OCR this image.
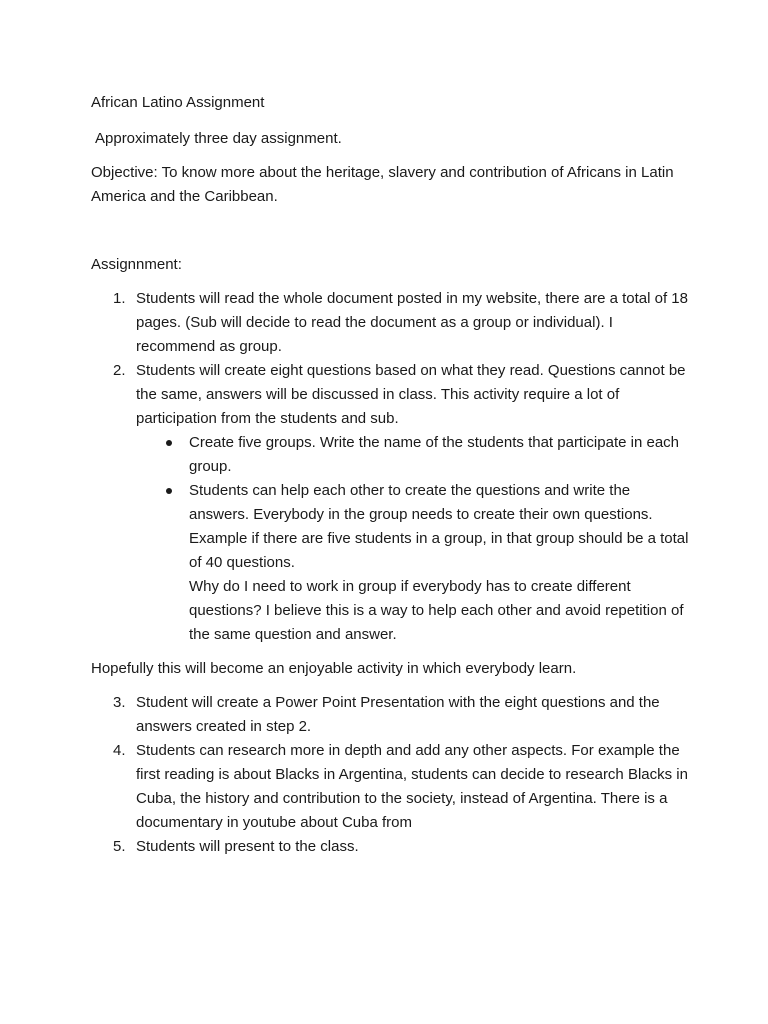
African Latino Assignment

Approximately three day assignment.

Objective: To know more about the heritage, slavery and contribution of Africans in Latin America and the Caribbean.

Assignnment:

1. Students will read the whole document posted in my website, there are a total of 18 pages. (Sub will decide to read the document as a group or individual). I recommend as group.
2. Students will create eight questions based on what they read. Questions cannot be the same, answers will be discussed in class. This activity require a lot of participation from the students and sub.
Create five groups. Write the name of the students that participate in each group.
Students can help each other to create the questions and write the answers. Everybody in the group needs to create their own questions.
Example if there are five students in a group, in that group should be a total of 40 questions.
Why do I need to work in group if everybody has to create different questions? I believe this is a way to help each other and avoid repetition of the same question and answer.

Hopefully this will become an enjoyable activity in which everybody learn.

3. Student will create a Power Point Presentation with the eight questions and the answers created in step 2.
4. Students can research more in depth and add any other aspects. For example the first reading is about Blacks in Argentina, students can decide to research Blacks in Cuba, the history and contribution to the society, instead of Argentina. There is a documentary in youtube about Cuba from
5. Students will present to the class.
